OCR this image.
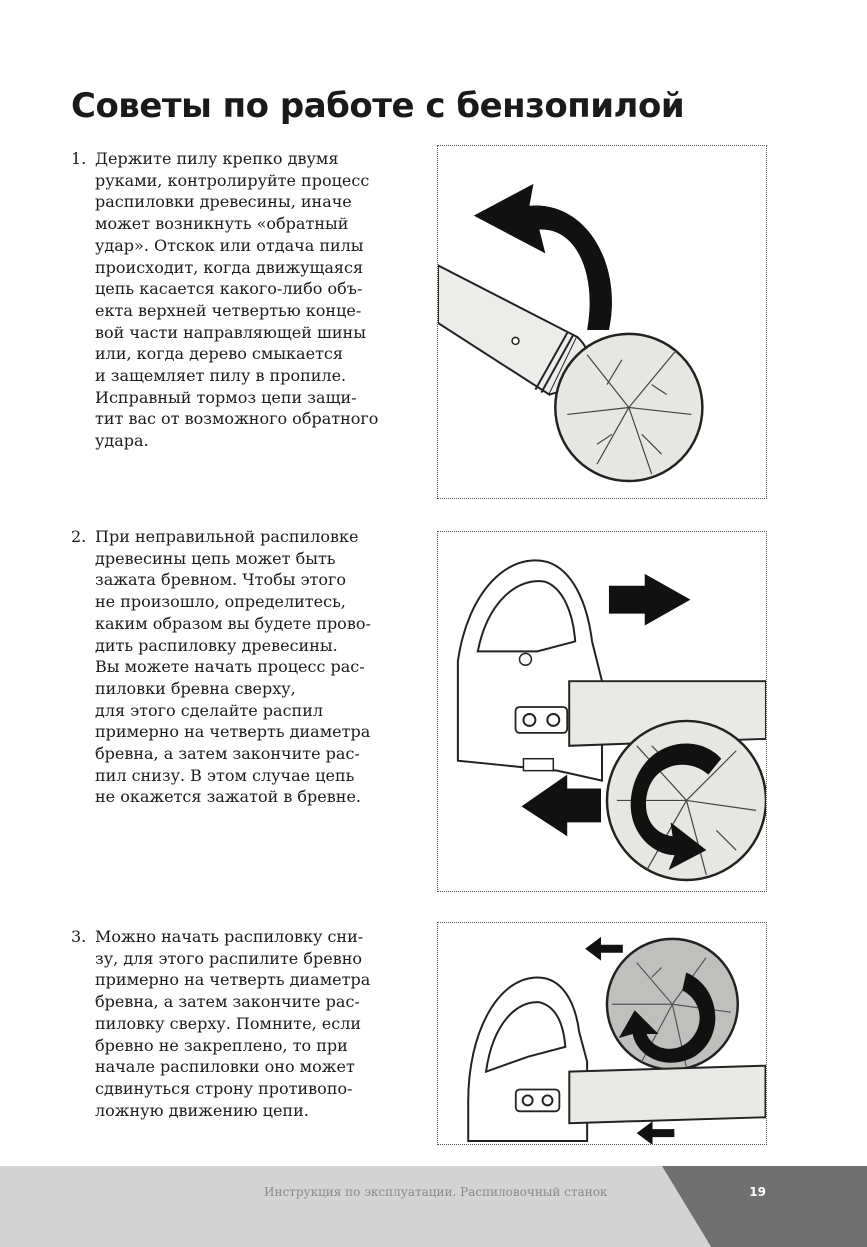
Советы по работе с бензопилой
1. Держите пилу крепко двумя
руками, контролируйте процесс
распиловки древесины, иначе
может возникнуть «обратный
удар». Отскок или отдача пилы
происходит, когда движущаяся
цепь касается какого-либо объ-
екта верхней четвертью конце-
вой части направляющей шины
или, когда дерево смыкается
и защемляет пилу в пропиле.
Исправный тормоз цепи защи-
тит вас от возможного обратного
удара.
2. При неправильной распиловке
древесины цепь может быть
зажата бревном. Чтобы этого
не произошло, определитесь,
каким образом вы будете прово-
дить распиловку древесины.
Вы можете начать процесс рас-
пиловки бревна сверху,
для этого сделайте распил
примерно на четверть диаметра
бревна, а затем закончите рас-
пил снизу. В этом случае цепь
не окажется зажатой в бревне.
3. Можно начать распиловку сни-
зу, для этого распилите бревно
примерно на четверть диаметра
бревна, а затем закончите рас-
пиловку сверху. Помните, если
бревно не закреплено, то при
начале распиловки оно может
сдвинуться строну противопо-
ложную движению цепи.
Инструкция по эксплуатации. Распиловочный станок	19
